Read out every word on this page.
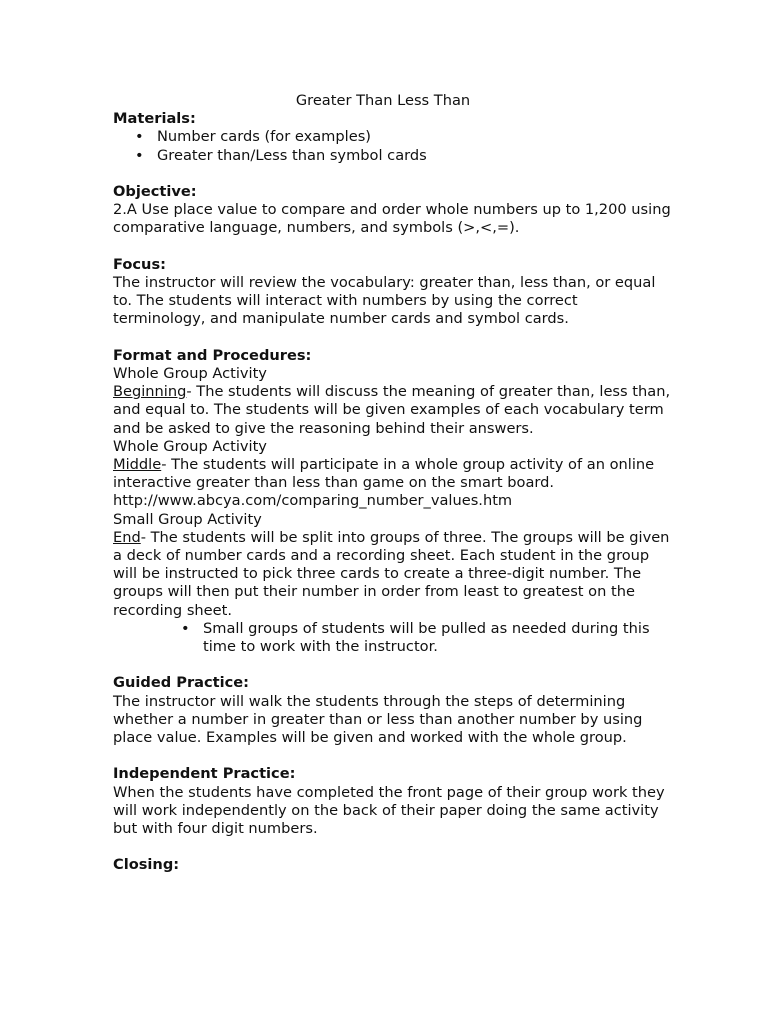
Greater Than Less Than
Materials:
• Number cards (for examples)
• Greater than/Less than symbol cards
Objective:

2.A Use place value to compare and order whole numbers up to 1,200 using comparative language, numbers, and symbols (>,<,=).

Focus:

The instructor will review the vocabulary: greater than, less than, or equal to. The students will interact with numbers by using the correct terminology, and manipulate number cards and symbol cards.

Format and Procedures:
Whole Group Activity

Beginning- The students will discuss the meaning of greater than, less than, and equal to. The students will be given examples of each vocabulary term and be asked to give the reasoning behind their answers.

Whole Group Activity

Middle- The students will participate in a whole group activity of an online interactive greater than less than game on the smart board.

http://www.abcya.com/comparing_number_values.htm
Small Group Activity

End- The students will be split into groups of three. The groups will be given a deck of number cards and a recording sheet. Each student in the group will be instructed to pick three cards to create a three-digit number. The groups will then put their number in order from least to greatest on the recording sheet.

• Small groups of students will be pulled as needed during this time to work with the instructor.
Guided Practice:

The instructor will walk the students through the steps of determining whether a number in greater than or less than another number by using place value. Examples will be given and worked with the whole group.

Independent Practice:

When the students have completed the front page of their group work they will work independently on the back of their paper doing the same activity but with four digit numbers.

Closing:
